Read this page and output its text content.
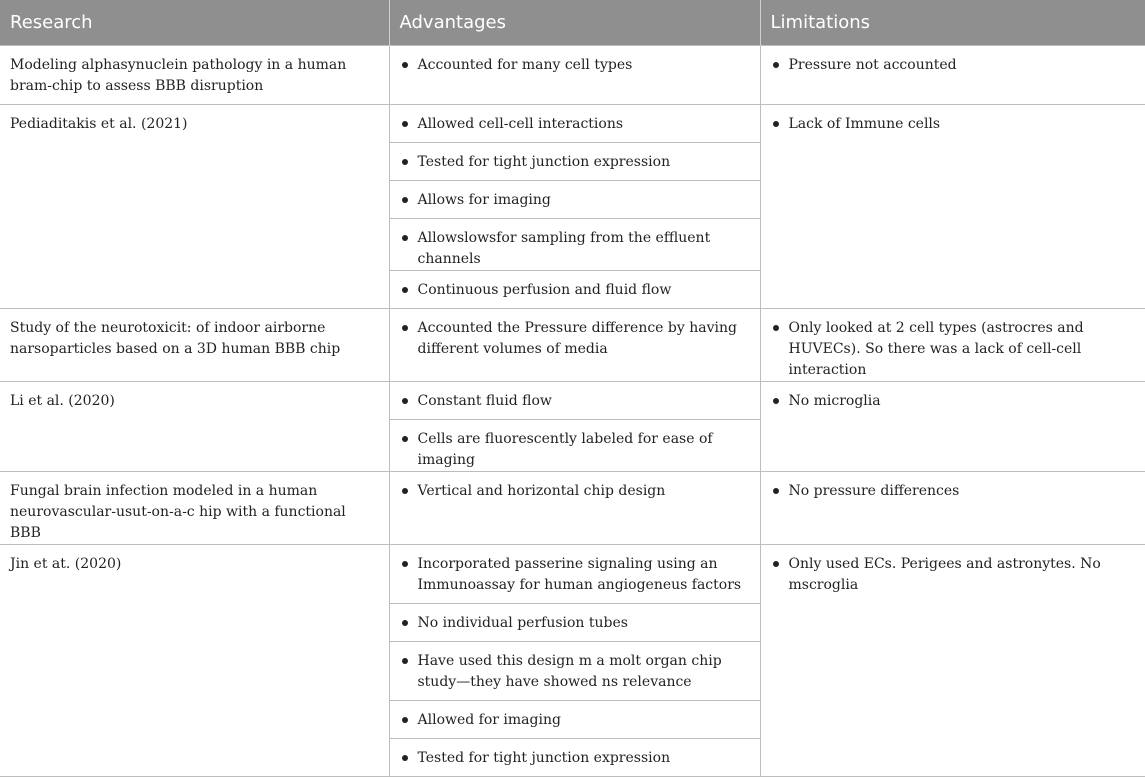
Research	Advantages	Limitations
Modeling alphasynuclein pathology in a human bram-chip to assess BBB disruption	Accounted for many cell types	Pressure not accounted
Pediaditakis et al. (2021)	Allowed cell-cell interactions	Lack of Immune cells
	Tested for tight junction expression	
	Allows for imaging	
	Allowslowsfor sampling from the effluent channels	
	Continuous perfusion and fluid flow	
Study of the neurotoxicit: of indoor airborne narsoparticles based on a 3D human BBB chip	Accounted the Pressure difference by having different volumes of media	Only looked at 2 cell types (astrocres and HUVECs). So there was a lack of cell-cell interaction
Li et al. (2020)	Constant fluid flow	No microglia
	Cells are fluorescently labeled for ease of imaging	
Fungal brain infection modeled in a human neurovascular-usut-on-a-c hip with a functional BBB	Vertical and horizontal chip design	No pressure differences
Jin et at. (2020)	Incorporated passerine signaling using an Immunoassay for human angiogeneus factors	Only used ECs. Perigees and astronytes. No mscroglia
	No individual perfusion tubes	
	Have used this design m a molt organ chip study—they have showed ns relevance	
	Allowed for imaging	
	Tested for tight junction expression	
